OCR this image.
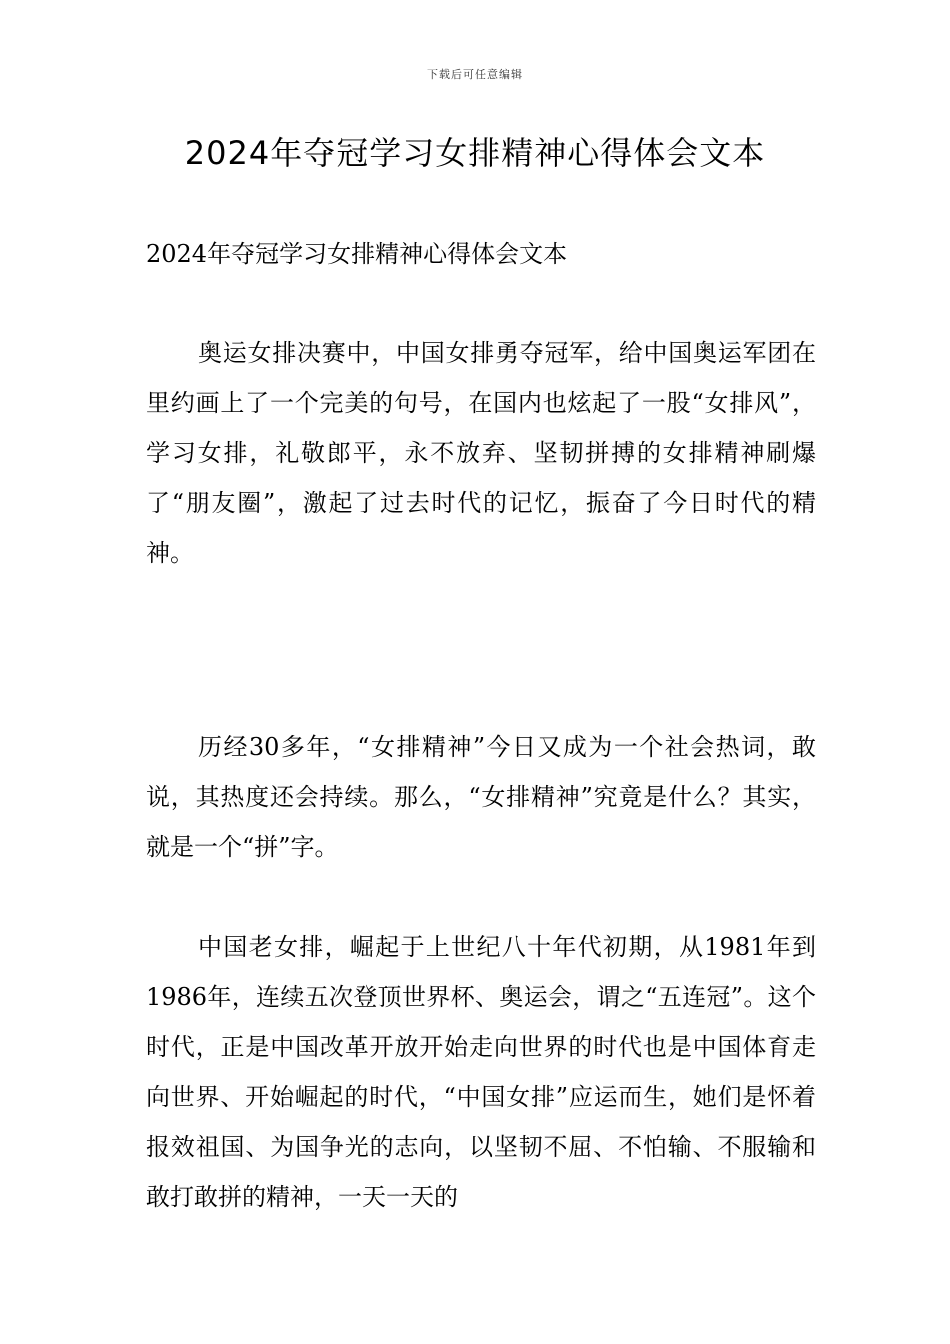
下载后可任意编辑
2024年夺冠学习女排精神心得体会文本

2024年夺冠学习女排精神心得体会文本

奥运女排决赛中，中国女排勇夺冠军，给中国奥运军团在里约画上了一个完美的句号，在国内也炫起了一股“女排风”，学习女排，礼敬郎平，永不放弃、坚韧拼搏的女排精神刷爆了“朋友圈”，激起了过去时代的记忆，振奋了今日时代的精神。

历经30多年，“女排精神”今日又成为一个社会热词，敢说，其热度还会持续。那么，“女排精神”究竟是什么？其实，就是一个“拼”字。

中国老女排，崛起于上世纪八十年代初期，从1981年到1986年，连续五次登顶世界杯、奥运会，谓之“五连冠”。这个时代，正是中国改革开放开始走向世界的时代也是中国体育走向世界、开始崛起的时代，“中国女排”应运而生，她们是怀着报效祖国、为国争光的志向，以坚韧不屈、不怕输、不服输和敢打敢拼的精神，一天一天的
